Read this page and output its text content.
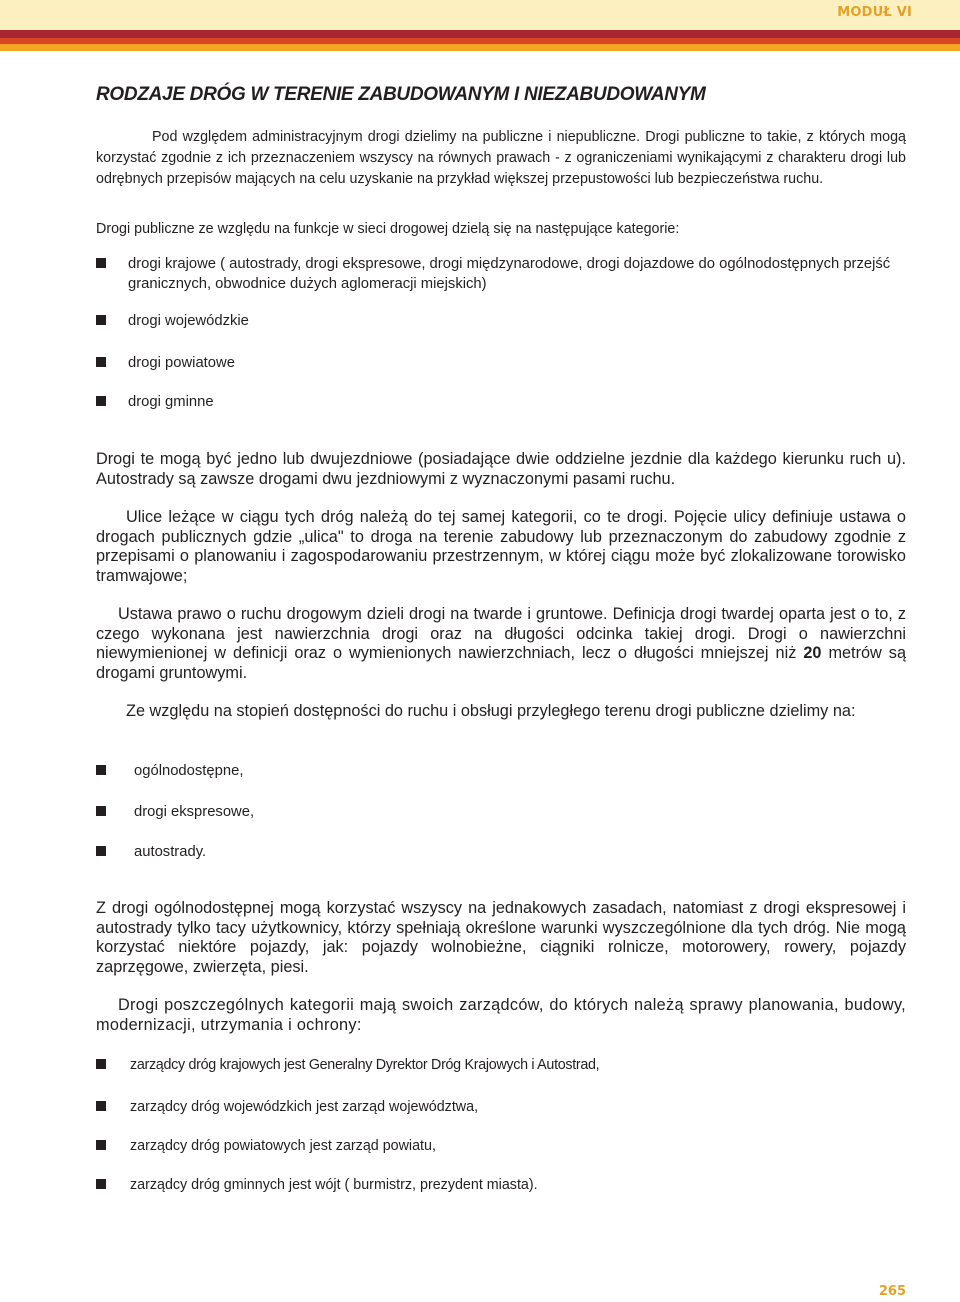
MODUŁ VI
RODZAJE DRÓG W TERENIE ZABUDOWANYM I NIEZABUDOWANYM

Pod względem administracyjnym drogi dzielimy na publiczne i niepubliczne. Drogi publiczne to takie, z których mogą korzystać zgodnie z ich przeznaczeniem wszyscy na równych prawach - z ograniczeniami wynikającymi z charakteru drogi lub odrębnych przepisów mających na celu uzyskanie na przykład większej przepustowości lub bezpieczeństwa ruchu.

Drogi publiczne ze względu na funkcje w sieci drogowej dzielą się na następujące kategorie:

drogi krajowe ( autostrady, drogi ekspresowe, drogi międzynarodowe, drogi dojazdowe do ogólnodostępnych przejść granicznych, obwodnice dużych aglomeracji miejskich)
drogi wojewódzkie
drogi powiatowe
drogi gminne

Drogi te mogą być jedno lub dwujezdniowe (posiadające dwie oddzielne jezdnie dla każdego kierunku ruch u). Autostrady są zawsze drogami dwu jezdniowymi z wyznaczonymi pasami ruchu.

Ulice leżące w ciągu tych dróg należą do tej samej kategorii, co te drogi. Pojęcie ulicy definiuje ustawa o drogach publicznych gdzie „ulica" to droga na terenie zabudowy lub przeznaczonym do zabudowy zgodnie z przepisami o planowaniu i zagospodarowaniu przestrzennym, w której ciągu może być zlokalizowane torowisko tramwajowe;

Ustawa prawo o ruchu drogowym dzieli drogi na twarde i gruntowe. Definicja drogi twardej oparta jest o to, z czego wykonana jest nawierzchnia drogi oraz na długości odcinka takiej drogi. Drogi o nawierzchni niewymienionej w definicji oraz o wymienionych nawierzchniach, lecz o długości mniejszej niż 20 metrów są drogami gruntowymi.

Ze względu na stopień dostępności do ruchu i obsługi przyległego terenu drogi publiczne dzielimy na:

ogólnodostępne,
drogi ekspresowe,
autostrady.

Z drogi ogólnodostępnej mogą korzystać wszyscy na jednakowych zasadach, natomiast z drogi ekspresowej i autostrady tylko tacy użytkownicy, którzy spełniają określone warunki wyszczególnione dla tych dróg. Nie mogą korzystać niektóre pojazdy, jak: pojazdy wolnobieżne, ciągniki rolnicze, motorowery, rowery, pojazdy zaprzęgowe, zwierzęta, piesi.

Drogi poszczególnych kategorii mają swoich zarządców, do których należą sprawy planowania, budowy, modernizacji, utrzymania i ochrony:

zarządcy dróg krajowych jest Generalny Dyrektor Dróg Krajowych i Autostrad,
zarządcy dróg wojewódzkich jest zarząd województwa,
zarządcy dróg powiatowych jest zarząd powiatu,
zarządcy dróg gminnych jest wójt ( burmistrz, prezydent miasta).
265
